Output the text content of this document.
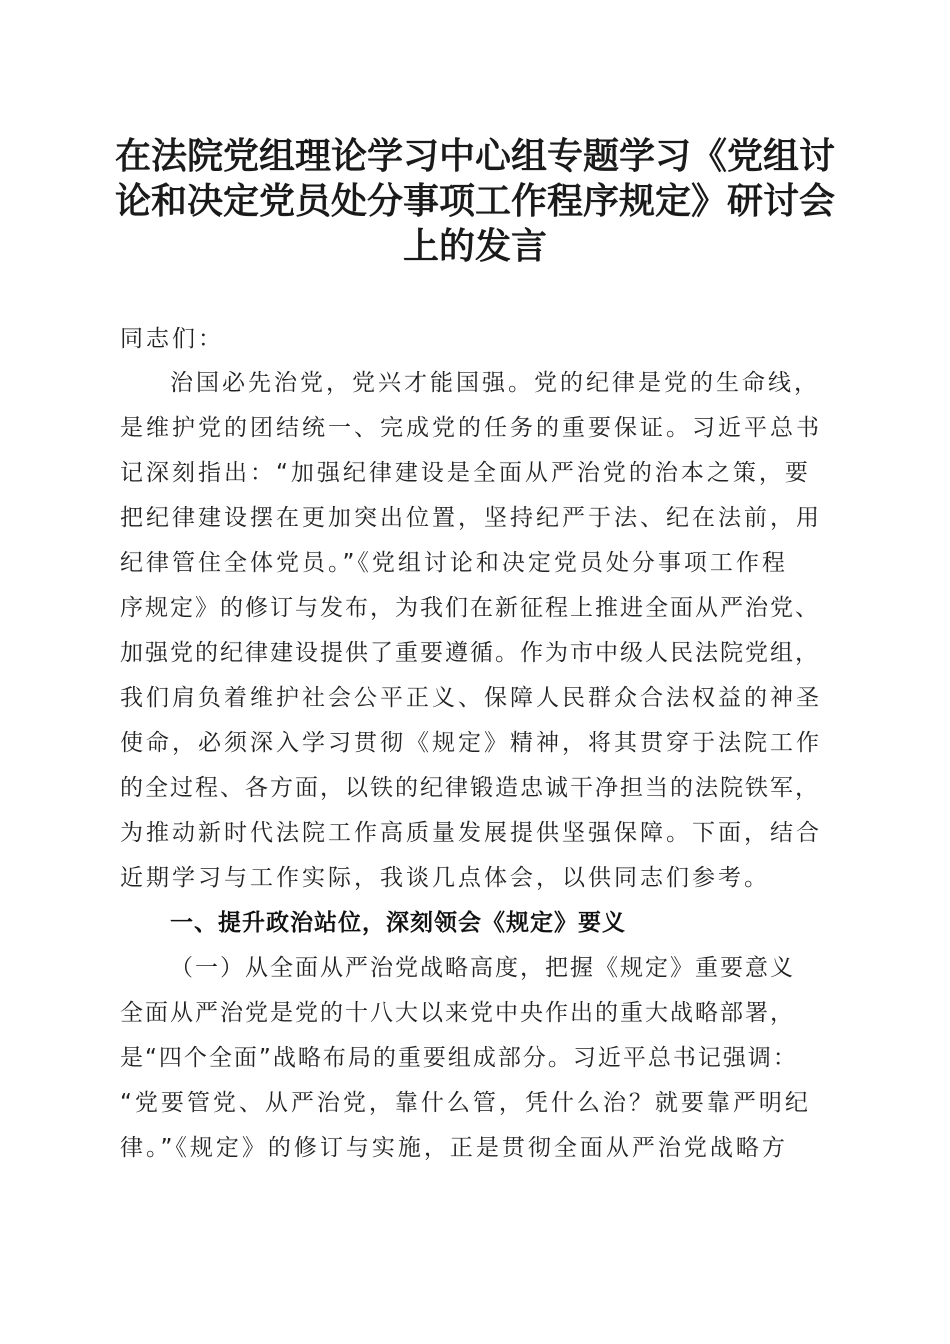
在法院党组理论学习中心组专题学习《党组讨
论和决定党员处分事项工作程序规定》研讨会
上的发言
同志们：
治国必先治党，党兴才能国强。党的纪律是党的生命线，
是维护党的团结统一、完成党的任务的重要保证。习近平总书
记深刻指出：“加强纪律建设是全面从严治党的治本之策，要
把纪律建设摆在更加突出位置，坚持纪严于法、纪在法前，用
纪律管住全体党员。”《党组讨论和决定党员处分事项工作程
序规定》的修订与发布，为我们在新征程上推进全面从严治党、
加强党的纪律建设提供了重要遵循。作为市中级人民法院党组，
我们肩负着维护社会公平正义、保障人民群众合法权益的神圣
使命，必须深入学习贯彻《规定》精神，将其贯穿于法院工作
的全过程、各方面，以铁的纪律锻造忠诚干净担当的法院铁军，
为推动新时代法院工作高质量发展提供坚强保障。下面，结合
近期学习与工作实际，我谈几点体会，以供同志们参考。
一、提升政治站位，深刻领会《规定》要义
（一）从全面从严治党战略高度，把握《规定》重要意义
全面从严治党是党的十八大以来党中央作出的重大战略部署，
是“四个全面”战略布局的重要组成部分。习近平总书记强调：
“党要管党、从严治党，靠什么管，凭什么治？就要靠严明纪
律。”《规定》的修订与实施，正是贯彻全面从严治党战略方
